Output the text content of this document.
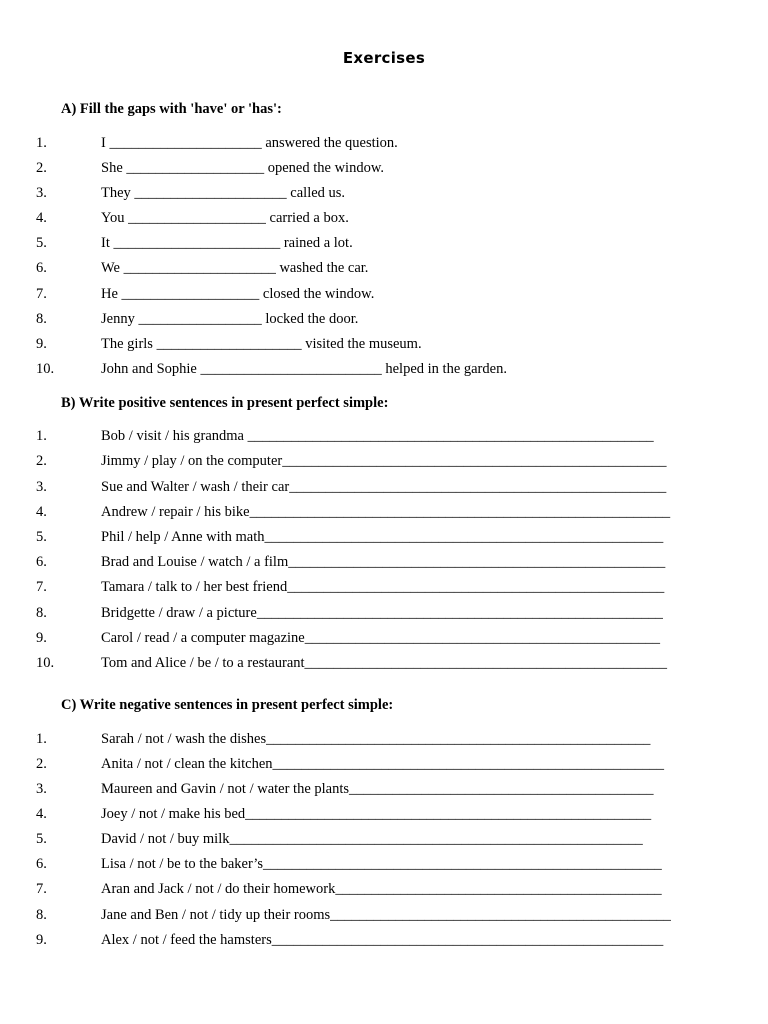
Exercises
A) Fill the gaps with 'have' or 'has':
1.	I _____________________ answered the question.
2.	She ___________________ opened the window.
3.	They _____________________ called us.
4.	You ___________________ carried a box.
5.	It _______________________ rained a lot.
6.	We _____________________ washed the car.
7.	He ___________________ closed the window.
8.	Jenny _________________ locked the door.
9.	The girls ____________________ visited the museum.
10.	John and Sophie _________________________ helped in the garden.
B) Write positive sentences in present perfect simple:
1.	Bob / visit / his grandma ________________________________________________________
2.	Jimmy / play / on the computer_____________________________________________________
3.	Sue and Walter / wash / their car____________________________________________________
4.	Andrew / repair / his bike__________________________________________________________
5.	Phil / help / Anne with math_______________________________________________________
6.	Brad and Louise / watch / a film____________________________________________________
7.	Tamara / talk to / her best friend____________________________________________________
8.	Bridgette / draw / a picture________________________________________________________
9.	Carol / read / a computer magazine_________________________________________________
10.	Tom and Alice / be / to a restaurant__________________________________________________
C) Write negative sentences in present perfect simple:
1.	Sarah / not / wash the dishes_____________________________________________________
2.	Anita / not / clean the kitchen______________________________________________________
3.	Maureen and Gavin / not / water the plants__________________________________________
4.	Joey / not / make his bed________________________________________________________
5.	David / not / buy milk_________________________________________________________
6.	Lisa / not / be to the baker’s_______________________________________________________
7.	Aran and Jack / not / do their homework_____________________________________________
8.	Jane and Ben / not / tidy up their rooms_______________________________________________
9.	Alex / not / feed the hamsters______________________________________________________
